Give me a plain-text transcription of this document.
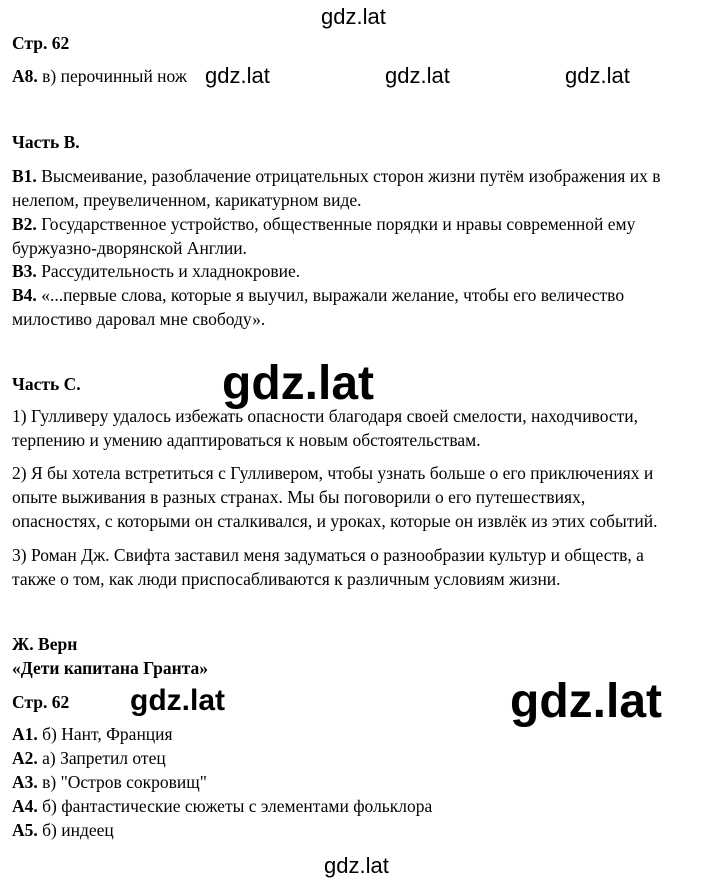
gdz.lat
Стр. 62
А8. в) перочинный нож gdz.lat	gdz.lat	gdz.lat
Часть В.
В1. Высмеивание, разоблачение отрицательных сторон жизни путём изображения их в
нелепом, преувеличенном, карикатурном виде.
В2. Государственное устройство, общественные порядки и нравы современной ему
буржуазно-дворянской Англии.
В3. Рассудительность и хладнокровие.
В4. «...первые слова, которые я выучил, выражали желание, чтобы его величество
милостиво даровал мне свободу».
Часть С.	gdz.lat
1) Гулливеру удалось избежать опасности благодаря своей смелости, находчивости,
терпению и умению адаптироваться к новым обстоятельствам.
2) Я бы хотела встретиться с Гулливером, чтобы узнать больше о его приключениях и
опыте выживания в разных странах. Мы бы поговорили о его путешествиях,
опасностях, с которыми он сталкивался, и уроках, которые он извлёк из этих событий.
3) Роман Дж. Свифта заставил меня задуматься о разнообразии культур и обществ, а
также о том, как люди приспосабливаются к различным условиям жизни.
Ж. Верн
«Дети капитана Гранта»
Стр. 62 gdz.lat	gdz.lat
А1. б) Нант, Франция
А2. а) Запретил отец
А3. в) "Остров сокровищ"
А4. б) фантастические сюжеты с элементами фольклора
А5. б) индеец
gdz.lat
